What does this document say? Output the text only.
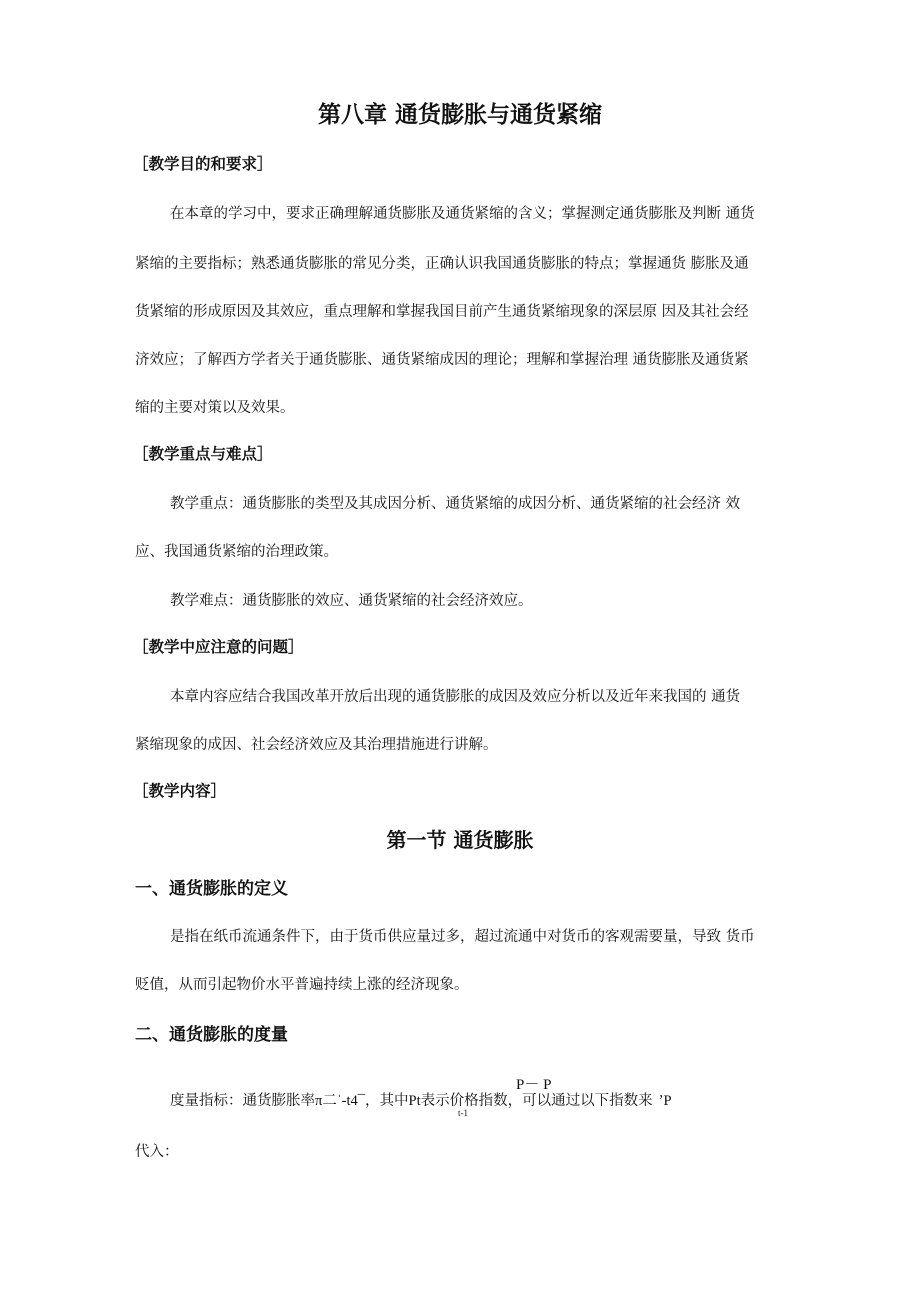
第八章 通货膨胀与通货紧缩
［教学目的和要求］
在本章的学习中，要求正确理解通货膨胀及通货紧缩的含义；掌握测定通货膨胀及判断 通货
紧缩的主要指标；熟悉通货膨胀的常见分类，正确认识我国通货膨胀的特点；掌握通货 膨胀及通
货紧缩的形成原因及其效应，重点理解和掌握我国目前产生通货紧缩现象的深层原 因及其社会经
济效应；了解西方学者关于通货膨胀、通货紧缩成因的理论；理解和掌握治理 通货膨胀及通货紧
缩的主要对策以及效果。
［教学重点与难点］
教学重点：通货膨胀的类型及其成因分析、通货紧缩的成因分析、通货紧缩的社会经济 效
应、我国通货紧缩的治理政策。
教学难点：通货膨胀的效应、通货紧缩的社会经济效应。
［教学中应注意的问题］
本章内容应结合我国改革开放后出现的通货膨胀的成因及效应分析以及近年来我国的 通货
紧缩现象的成因、社会经济效应及其治理措施进行讲解。
［教学内容］
第一节 通货膨胀
一、通货膨胀的定义
是指在纸币流通条件下，由于货币供应量过多，超过流通中对货币的客观需要量，导致 货币
贬值，从而引起物价水平普遍持续上涨的经济现象。
二、通货膨胀的度量
P－ P
度量指标：通货膨胀率π二ˈ-t4¯，其中Pt表示价格指数，可以通过以下指数来 ʼP
t-1
代入：
